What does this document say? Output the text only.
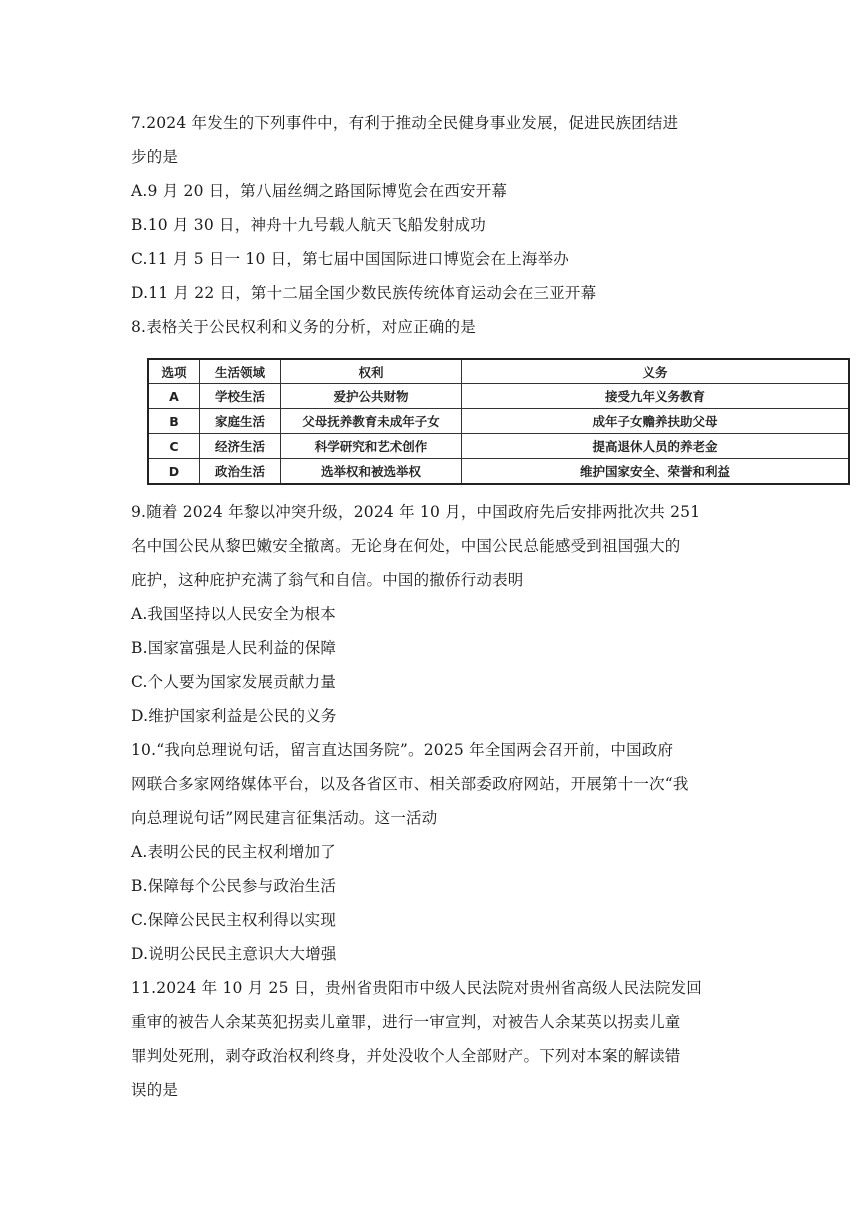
7.2024 年发生的下列事件中，有利于推动全民健身事业发展，促进民族团结进
步的是
A.9 月 20 日，第八届丝绸之路国际博览会在西安开幕
B.10 月 30 日，神舟十九号载人航天飞船发射成功
C.11 月 5 日一 10 日，第七届中国国际进口博览会在上海举办
D.11 月 22 日，第十二届全国少数民族传统体育运动会在三亚开幕
8.表格关于公民权利和义务的分析，对应正确的是
选项	生活领域	权利	义务
A	学校生活	爱护公共财物	接受九年义务教育
B	家庭生活	父母抚养教育未成年子女	成年子女赡养扶助父母
C	经济生活	科学研究和艺术创作	提高退休人员的养老金
D	政治生活	选举权和被选举权	维护国家安全、荣誉和利益
9.随着 2024 年黎以冲突升级，2024 年 10 月，中国政府先后安排两批次共 251
名中国公民从黎巴嫩安全撤离。无论身在何处，中国公民总能感受到祖国强大的
庇护，这种庇护充满了翁气和自信。中国的撤侨行动表明
A.我国坚持以人民安全为根本
B.国家富强是人民利益的保障
C.个人要为国家发展贡献力量
D.维护国家利益是公民的义务
10.“我向总理说句话，留言直达国务院”。2025 年全国两会召开前，中国政府
网联合多家网络媒体平台，以及各省区市、相关部委政府网站，开展第十一次“我
向总理说句话”网民建言征集活动。这一活动
A.表明公民的民主权利增加了
B.保障每个公民参与政治生活
C.保障公民民主权利得以实现
D.说明公民民主意识大大增强
11.2024 年 10 月 25 日，贵州省贵阳市中级人民法院对贵州省高级人民法院发回
重审的被告人余某英犯拐卖儿童罪，进行一审宣判，对被告人余某英以拐卖儿童
罪判处死刑，剥夺政治权利终身，并处没收个人全部财产。下列对本案的解读错
误的是
